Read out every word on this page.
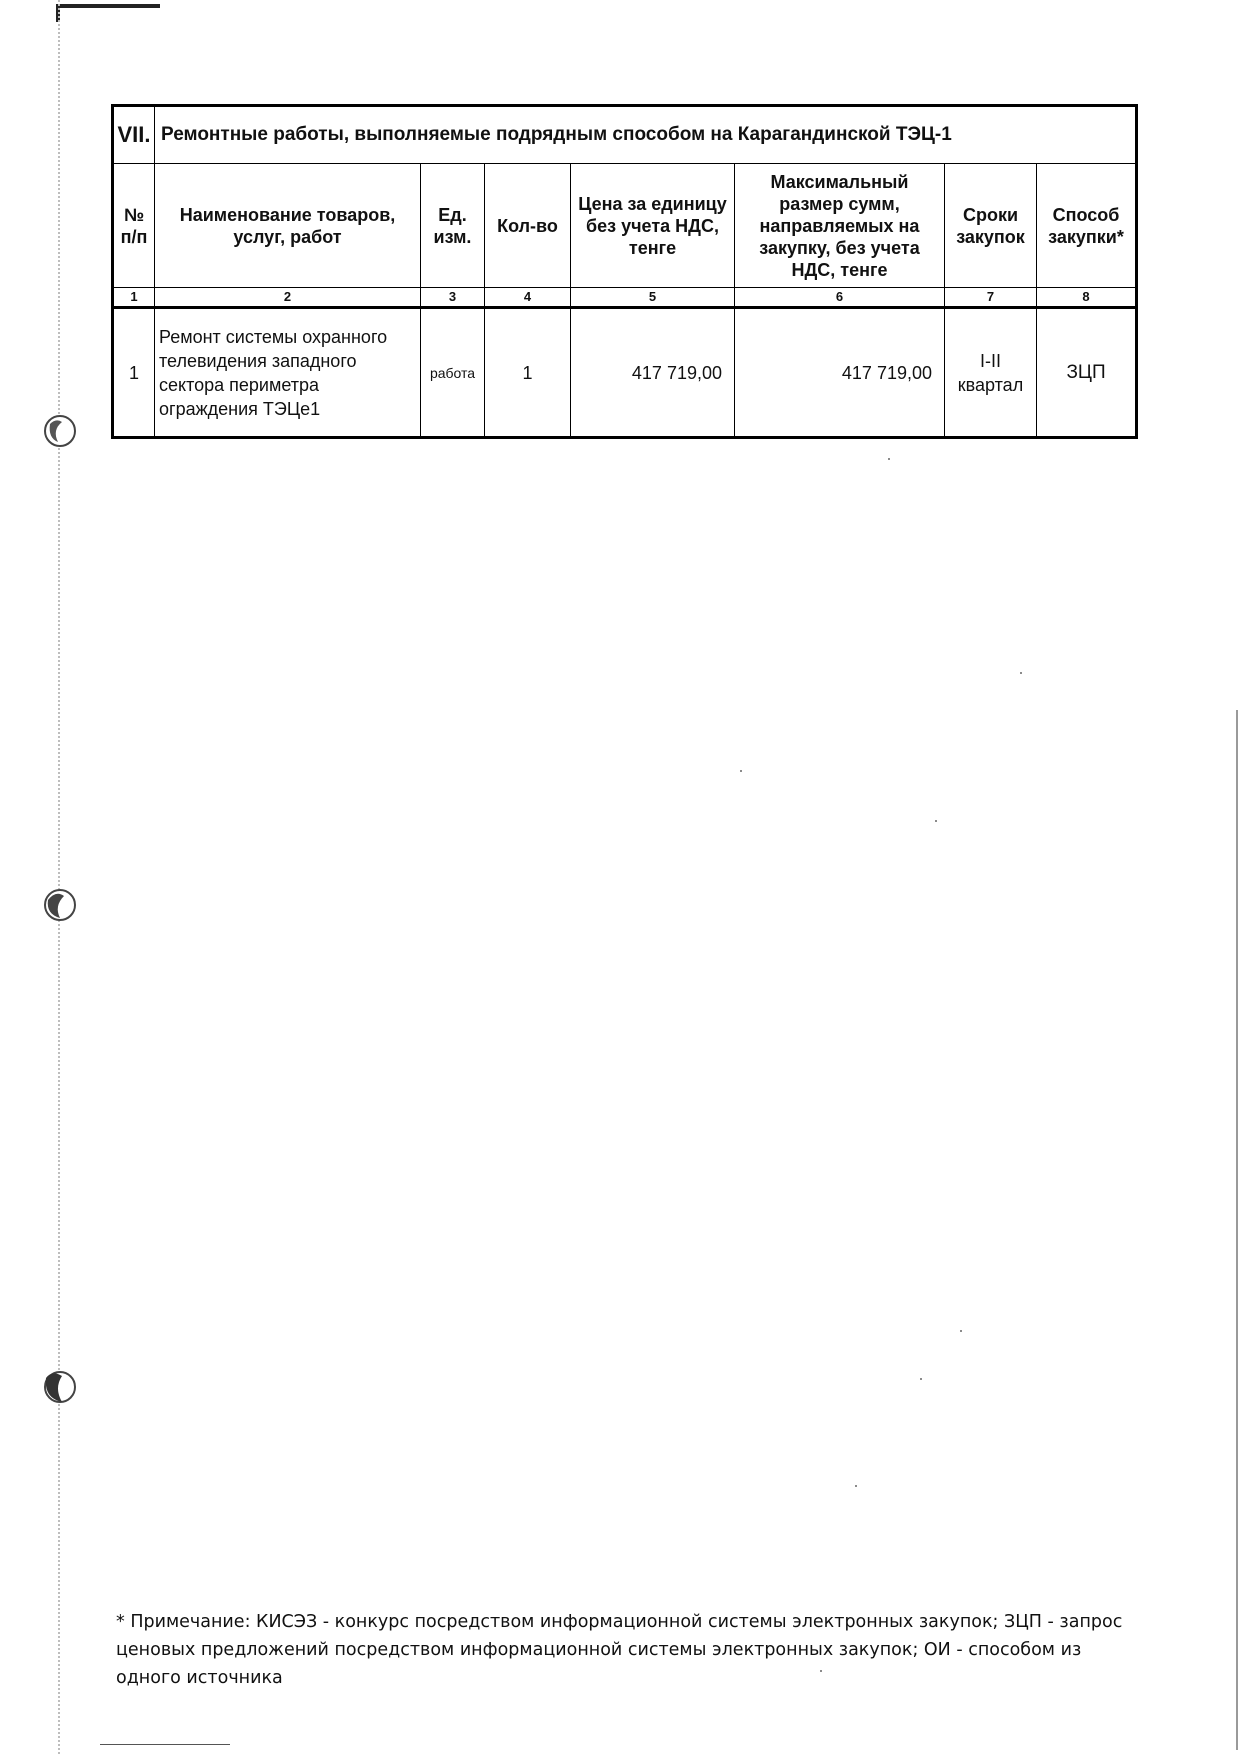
VII.	Ремонтные работы, выполняемые подрядным способом на Карагандинской ТЭЦ-1						
№ п/п	Наименование товаров, услуг, работ	Ед. изм.	Кол-во	Цена за единицу без учета НДС, тенге	Максимальный размер сумм, направляемых на закупку, без учета НДС, тенге	Сроки закупок	Способ закупки*
1	2	3	4	5	6	7	8
1	Ремонт системы охранного телевидения западного сектора периметра ограждения ТЭЦе1	работа	1	417 719,00	417 719,00	I-II квартал	ЗЦП
* Примечание: КИСЭЗ - конкурс посредством информационной системы электронных закупок; ЗЦП - запрос ценовых предложений посредством информационной системы электронных закупок; ОИ - способом из одного источника
